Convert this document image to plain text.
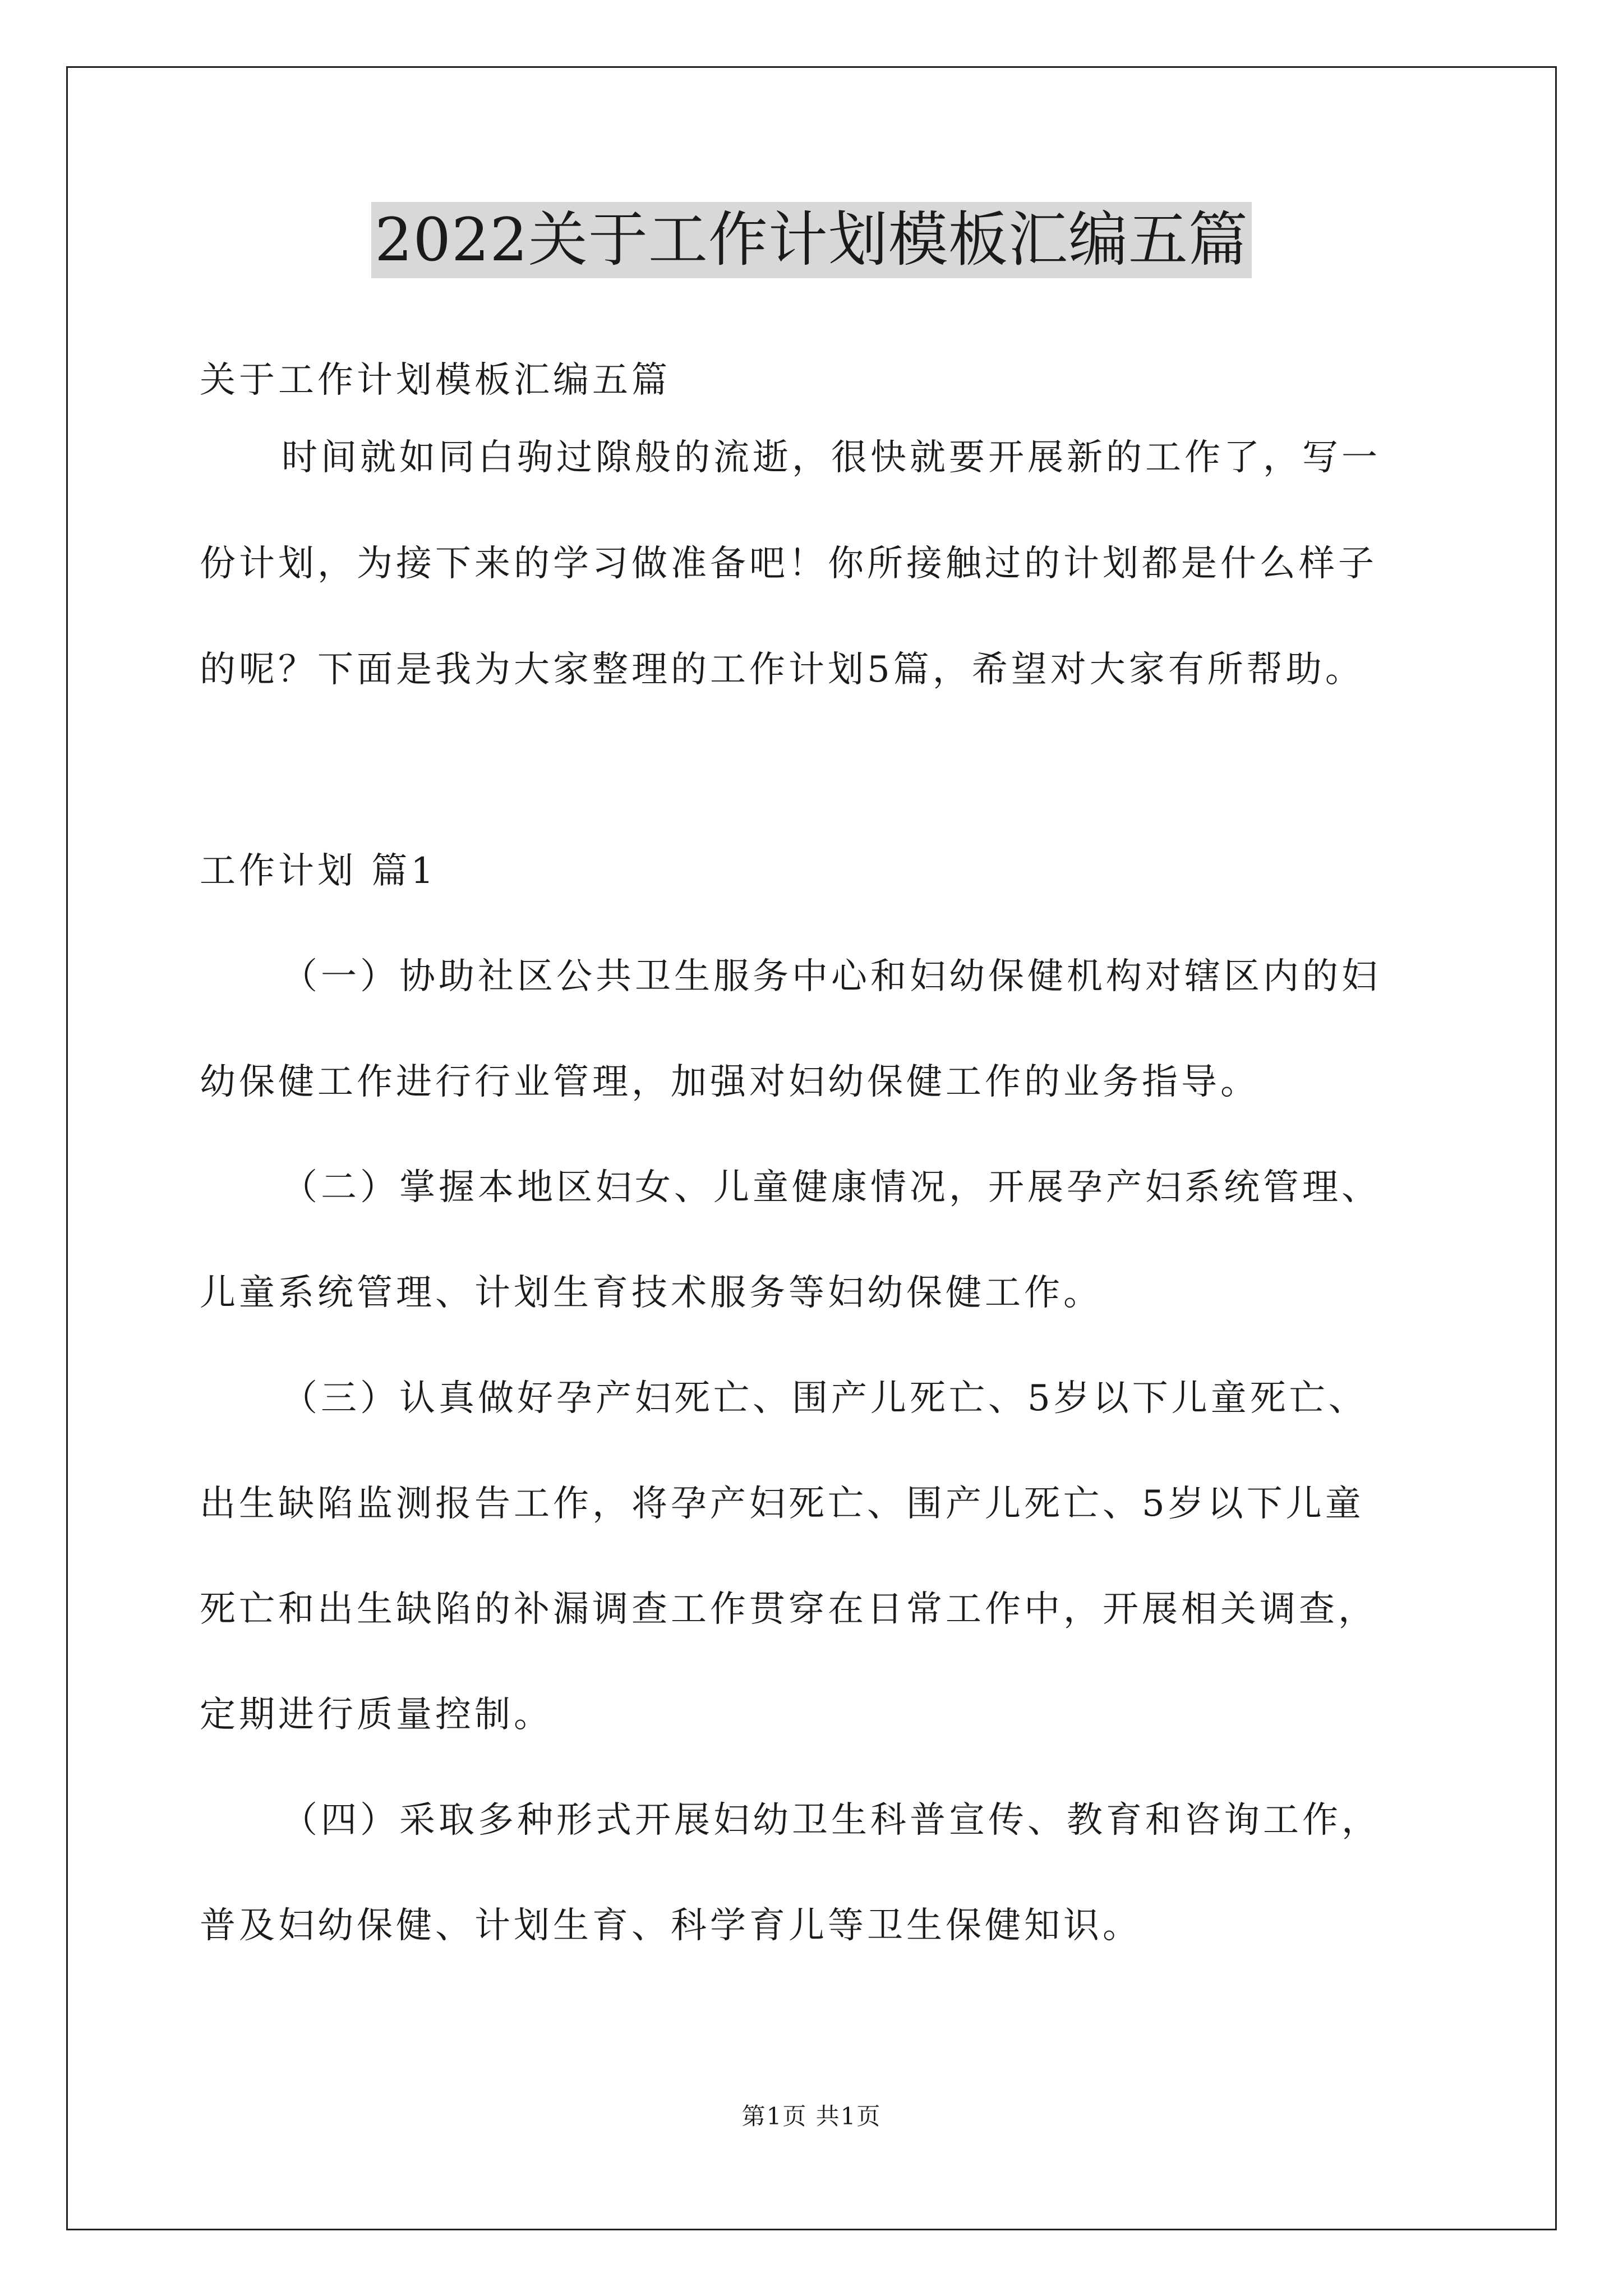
2022关于工作计划模板汇编五篇

关于工作计划模板汇编五篇

时间就如同白驹过隙般的流逝，很快就要开展新的工作了，写一

份计划，为接下来的学习做准备吧！你所接触过的计划都是什么样子

的呢？下面是我为大家整理的工作计划5篇，希望对大家有所帮助。

工作计划 篇1

（一）协助社区公共卫生服务中心和妇幼保健机构对辖区内的妇

幼保健工作进行行业管理，加强对妇幼保健工作的业务指导。

（二）掌握本地区妇女、儿童健康情况，开展孕产妇系统管理、

儿童系统管理、计划生育技术服务等妇幼保健工作。

（三）认真做好孕产妇死亡、围产儿死亡、5岁以下儿童死亡、

出生缺陷监测报告工作，将孕产妇死亡、围产儿死亡、5岁以下儿童

死亡和出生缺陷的补漏调查工作贯穿在日常工作中，开展相关调查，

定期进行质量控制。

（四）采取多种形式开展妇幼卫生科普宣传、教育和咨询工作，

普及妇幼保健、计划生育、科学育儿等卫生保健知识。

第1页 共1页
